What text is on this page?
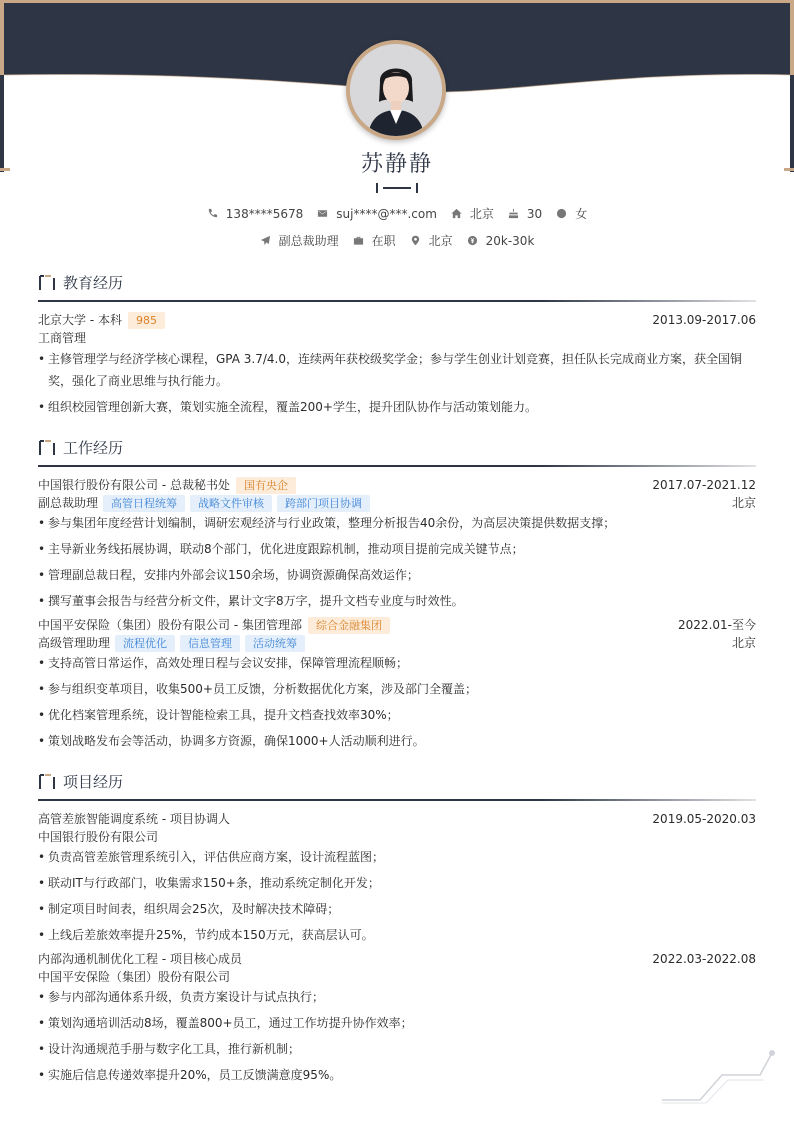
苏静静
138****5678	suj****@***.com	北京	30	女
副总裁助理	在职	北京	20k-30k
教育经历
北京大学 - 本科	985	2013.09-2017.06
工商管理
• 主修管理学与经济学核心课程，GPA 3.7/4.0，连续两年获校级奖学金；参与学生创业计划竞赛，担任队长完成商业方案，获全国铜
奖，强化了商业思维与执行能力。
• 组织校园管理创新大赛，策划实施全流程，覆盖200+学生，提升团队协作与活动策划能力。
工作经历
中国银行股份有限公司 - 总裁秘书处	国有央企	2017.07-2021.12
副总裁助理	高管日程统筹	战略文件审核	跨部门项目协调	北京
• 参与集团年度经营计划编制，调研宏观经济与行业政策，整理分析报告40余份，为高层决策提供数据支撑；
• 主导新业务线拓展协调，联动8个部门，优化进度跟踪机制，推动项目提前完成关键节点；
• 管理副总裁日程，安排内外部会议150余场，协调资源确保高效运作；
• 撰写董事会报告与经营分析文件，累计文字8万字，提升文档专业度与时效性。
中国平安保险（集团）股份有限公司 - 集团管理部	综合金融集团	2022.01-至今
高级管理助理	流程优化	信息管理	活动统筹	北京
• 支持高管日常运作，高效处理日程与会议安排，保障管理流程顺畅；
• 参与组织变革项目，收集500+员工反馈，分析数据优化方案，涉及部门全覆盖；
• 优化档案管理系统，设计智能检索工具，提升文档查找效率30%；
• 策划战略发布会等活动，协调多方资源，确保1000+人活动顺利进行。
项目经历
高管差旅智能调度系统 - 项目协调人	2019.05-2020.03
中国银行股份有限公司
• 负责高管差旅管理系统引入，评估供应商方案，设计流程蓝图；
• 联动IT与行政部门，收集需求150+条，推动系统定制化开发；
• 制定项目时间表，组织周会25次，及时解决技术障碍；
• 上线后差旅效率提升25%，节约成本150万元，获高层认可。
内部沟通机制优化工程 - 项目核心成员	2022.03-2022.08
中国平安保险（集团）股份有限公司
• 参与内部沟通体系升级，负责方案设计与试点执行；
• 策划沟通培训活动8场，覆盖800+员工，通过工作坊提升协作效率；
• 设计沟通规范手册与数字化工具，推行新机制；
• 实施后信息传递效率提升20%，员工反馈满意度95%。
